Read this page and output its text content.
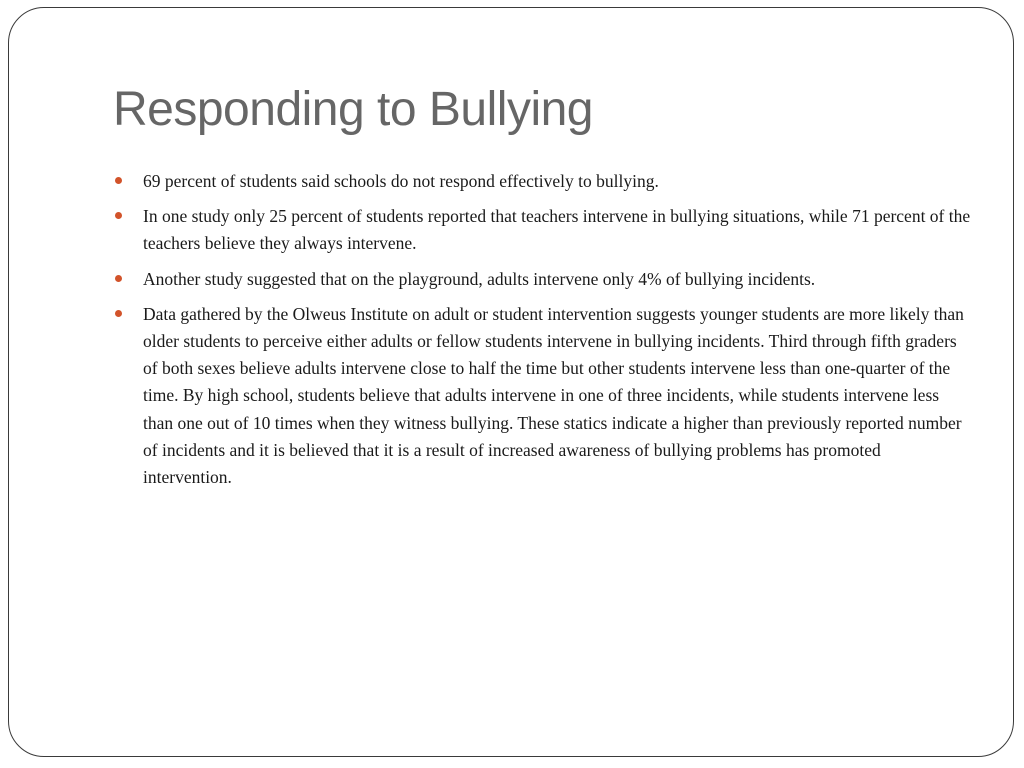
Responding to Bullying
69 percent of students said schools do not respond effectively to bullying.
In one study only 25 percent of students reported that teachers intervene in bullying situations, while 71 percent of the teachers believe they always intervene.
Another study suggested that on the playground, adults intervene only 4% of bullying incidents.
Data gathered by the Olweus Institute on adult or student intervention suggests younger students are more likely than older students to perceive either adults or fellow students intervene in bullying incidents. Third through fifth graders of both sexes believe adults intervene close to half the time but other students intervene less than one-quarter of the time. By high school, students believe that adults intervene in one of three incidents, while students intervene less than one out of 10 times when they witness bullying. These statics indicate a higher than previously reported number of incidents and it is believed that it is a result of increased awareness of bullying problems has promoted intervention.
